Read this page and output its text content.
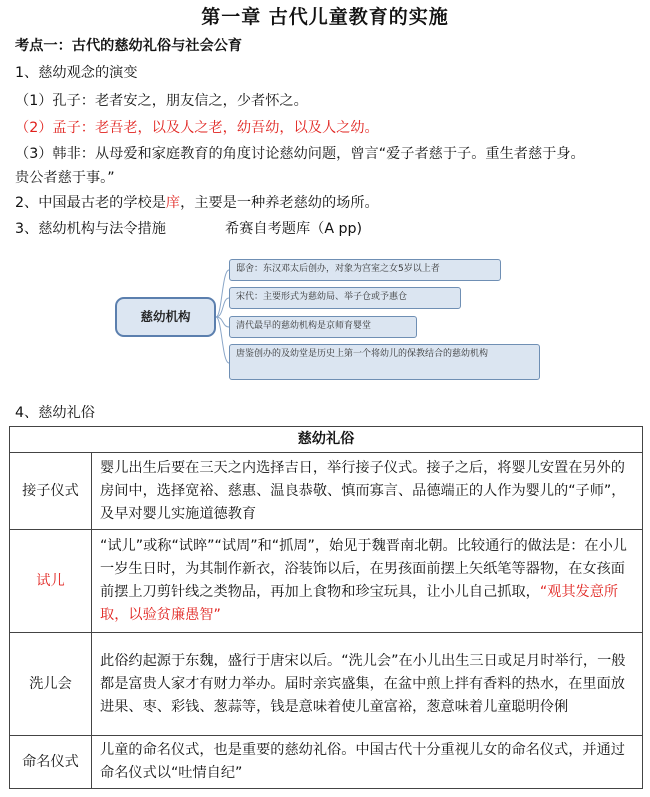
第一章 古代儿童教育的实施
考点一：古代的慈幼礼俗与社会公育
1、慈幼观念的演变
（1）孔子：老者安之，朋友信之，少者怀之。
（2）孟子：老吾老，以及人之老，幼吾幼，以及人之幼。
（3）韩非：从母爱和家庭教育的角度讨论慈幼问题，曾言“爱子者慈于子。重生者慈于身。
贵公者慈于事。”
2、中国最古老的学校是庠，主要是一种养老慈幼的场所。
3、慈幼机构与法令措施	希赛自考题库（A pp)
慈幼机构
邸舍：东汉邓太后创办，对象为宫室之女5岁以上者
宋代：主要形式为慈幼局、举子仓或予惠仓
清代最早的慈幼机构是京师育婴堂
唐鉴创办的及幼堂是历史上第一个将幼儿的保教结合的慈幼机构
4、慈幼礼俗
慈幼礼俗	
接子仪式	婴儿出生后要在三天之内选择吉日，举行接子仪式。接子之后，将婴儿安置在另外的房间中，选择宽裕、慈惠、温良恭敬、慎而寡言、品德端正的人作为婴儿的“子师”，及早对婴儿实施道德教育
试儿	“试儿”或称“试晬”“试周”和“抓周”，始见于魏晋南北朝。比较通行的做法是：在小儿一岁生日时，为其制作新衣，浴装饰以后，在男孩面前摆上矢纸笔等器物，在女孩面前摆上刀剪针线之类物品，再加上食物和珍宝玩具，让小儿自己抓取，“观其发意所取，以验贫廉愚智”
洗儿会	此俗约起源于东魏，盛行于唐宋以后。“洗儿会”在小儿出生三日或足月时举行，一般都是富贵人家才有财力举办。届时亲宾盛集，在盆中煎上拌有香料的热水，在里面放进果、枣、彩钱、葱蒜等，钱是意味着使儿童富裕，葱意味着儿童聪明伶俐
命名仪式	儿童的命名仪式，也是重要的慈幼礼俗。中国古代十分重视儿女的命名仪式，并通过命名仪式以“吐情自纪”
